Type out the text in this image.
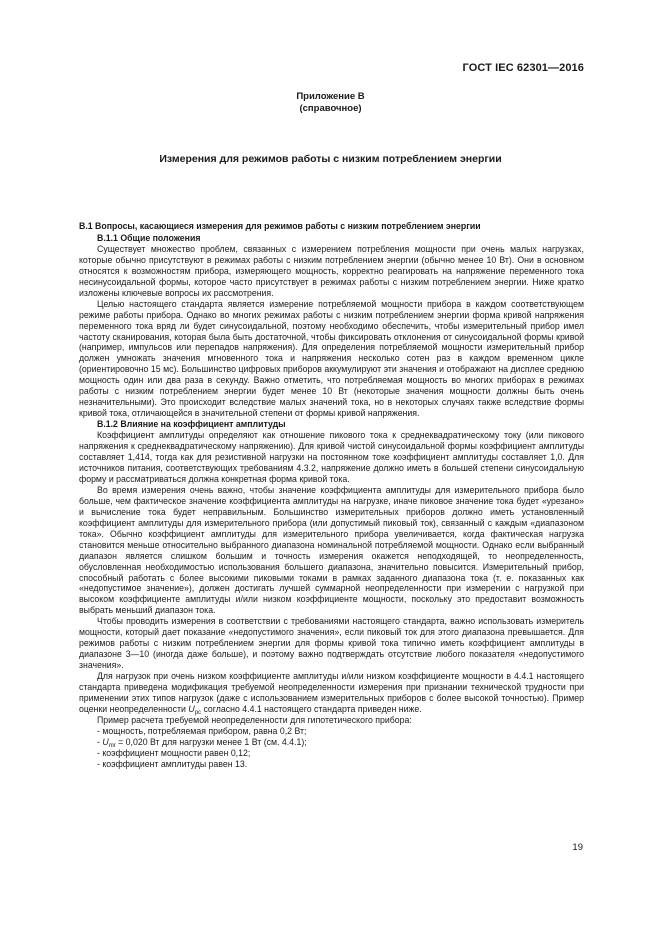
ГОСТ IEC 62301—2016
Приложение В
(справочное)
Измерения для режимов работы с низким потреблением энергии

В.1 Вопросы, касающиеся измерения для режимов работы с низким потреблением энергии

В.1.1 Общие положения

Существует множество проблем, связанных с измерением потребления мощности при очень малых нагрузках, которые обычно присутствуют в режимах работы с низким потреблением энергии (обычно менее 10 Вт). Они в основном относятся к возможностям прибора, измеряющего мощность, корректно реагировать на напряжение переменного тока несинусоидальной формы, которое часто присутствует в режимах работы с низким потреблением энергии. Ниже кратко изложены ключевые вопросы их рассмотрения.

Целью настоящего стандарта является измерение потребляемой мощности прибора в каждом соответствующем режиме работы прибора. Однако во многих режимах работы с низким потреблением энергии форма кривой напряжения переменного тока вряд ли будет синусоидальной, поэтому необходимо обеспечить, чтобы измерительный прибор имел частоту сканирования, которая была быть достаточной, чтобы фиксировать отклонения от синусоидальной формы кривой (например, импульсов или перепадов напряжения). Для определения потребляемой мощности измерительный прибор должен умножать значения мгновенного тока и напряжения несколько сотен раз в каждом временном цикле (ориентировочно 15 мс). Большинство цифровых приборов аккумулируют эти значения и отображают на дисплее среднюю мощность один или два раза в секунду. Важно отметить, что потребляемая мощность во многих приборах в режимах работы с низким потреблением энергии будет менее 10 Вт (некоторые значения мощности должны быть очень незначительными). Это происходит вследствие малых значений тока, но в некоторых случаях также вследствие формы кривой тока, отличающейся в значительной степени от формы кривой напряжения.

В.1.2 Влияние на коэффициент амплитуды

Коэффициент амплитуды определяют как отношение пикового тока к среднеквадратическому току (или пикового напряжения к среднеквадратическому напряжению). Для кривой чистой синусоидальной формы коэффициент амплитуды составляет 1,414, тогда как для резистивной нагрузки на постоянном токе коэффициент амплитуды составляет 1,0. Для источников питания, соответствующих требованиям 4.3.2, напряжение должно иметь в большей степени синусоидальную форму и рассматриваться должна конкретная форма кривой тока.

Во время измерения очень важно, чтобы значение коэффициента амплитуды для измерительного прибора было больше, чем фактическое значение коэффициента амплитуды на нагрузке, иначе пиковое значение тока будет «урезано» и вычисление тока будет неправильным. Большинство измерительных приборов должно иметь установленный коэффициент амплитуды для измерительного прибора (или допустимый пиковый ток), связанный с каждым «диапазоном тока». Обычно коэффициент амплитуды для измерительного прибора увеличивается, когда фактическая нагрузка становится меньше относительно выбранного диапазона номинальной потребляемой мощности. Однако если выбранный диапазон является слишком большим и точность измерения окажется неподходящей, то неопределенность, обусловленная необходимостью использования большего диапазона, значительно повысится. Измерительный прибор, способный работать с более высокими пиковыми токами в рамках заданного диапазона тока (т. е. показанных как «недопустимое значение»), должен достигать лучшей суммарной неопределенности при измерении с нагрузкой при высоком коэффициенте амплитуды и/или низком коэффициенте мощности, поскольку это предоставит возможность выбрать меньший диапазон тока.

Чтобы проводить измерения в соответствии с требованиями настоящего стандарта, важно использовать измеритель мощности, который дает показание «недопустимого значения», если пиковый ток для этого диапазона превышается. Для режимов работы с низким потреблением энергии для формы кривой тока типично иметь коэффициент амплитуды в диапазоне 3—10 (иногда даже больше), и поэтому важно подтверждать отсутствие любого показателя «недопустимого значения».

Для нагрузок при очень низком коэффициенте амплитуды и/или низком коэффициенте мощности в 4.4.1 настоящего стандарта приведена модификация требуемой неопределенности измерения при признании технической трудности при применении этих типов нагрузок (даже с использованием измерительных приборов с более высокой точностью). Пример оценки неопределенности $U_{pc}$ согласно 4.4.1 настоящего стандарта приведен ниже.

Пример расчета требуемой неопределенности для гипотетического прибора:

- мощность, потребляемая прибором, равна 0,2 Вт;

- $U_{mr} = 0,020$ Вт для нагрузки менее 1 Вт (см. 4.4.1);

- коэффициент мощности равен 0,12;

- коэффициент амплитуды равен 13.

19
